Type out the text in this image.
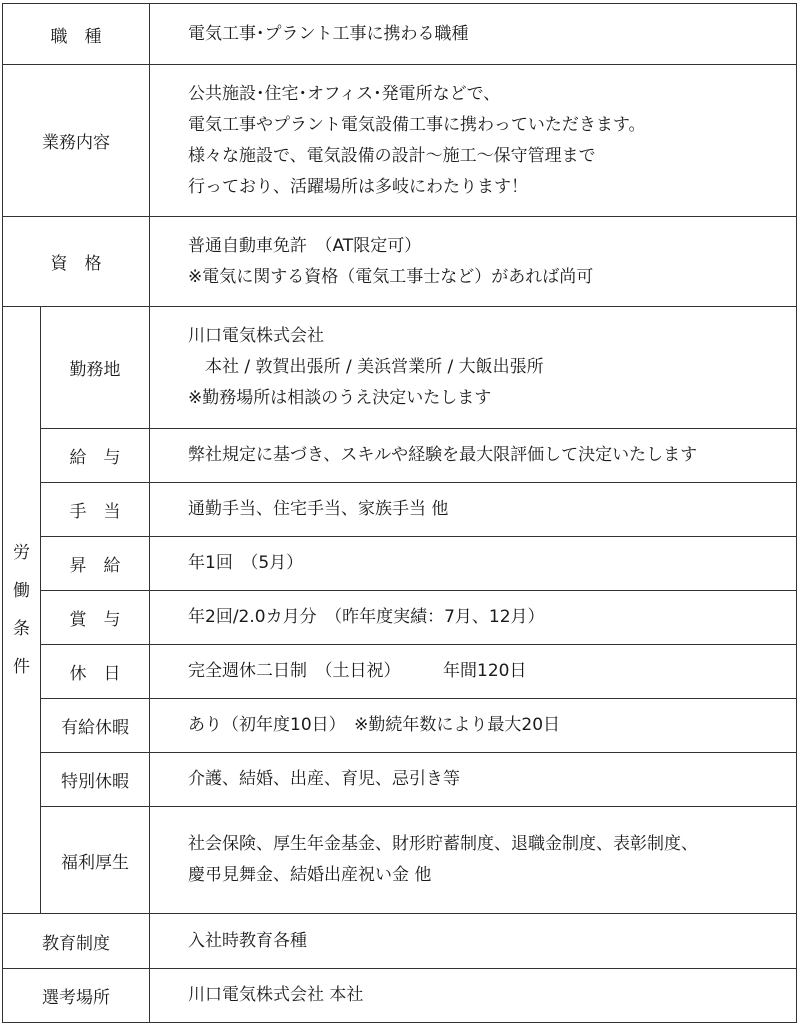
職　種		電気工事･プラント工事に携わる職種

業務内容		公共施設･住宅･オフィス･発電所などで、
電気工事やプラント電気設備工事に携わっていただきます。
様々な施設で、電気設備の設計～施工～保守管理まで
行っており、活躍場所は多岐にわたります！

資　格		普通自動車免許　（AT限定可）
※電気に関する資格（電気工事士など）があれば尚可

労働条件	勤務地	川口電気株式会社
　本社 / 敦賀出張所 / 美浜営業所 / 大飯出張所
※勤務場所は相談のうえ決定いたします

	給　与	弊社規定に基づき、スキルや経験を最大限評価して決定いたします

	手　当	通勤手当、住宅手当、家族手当 他

	昇　給	年1回　（5月）

	賞　与	年2回/2.0カ月分　（昨年度実績：7月、12月）

	休　日	完全週休二日制　（土日祝）　　　年間120日

	有給休暇	あり（初年度10日）　※勤続年数により最大20日

	特別休暇	介護、結婚、出産、育児、忌引き等

	福利厚生	社会保険、厚生年金基金、財形貯蓄制度、退職金制度、表彰制度、
慶弔見舞金、結婚出産祝い金 他

教育制度		入社時教育各種

選考場所		川口電気株式会社 本社
